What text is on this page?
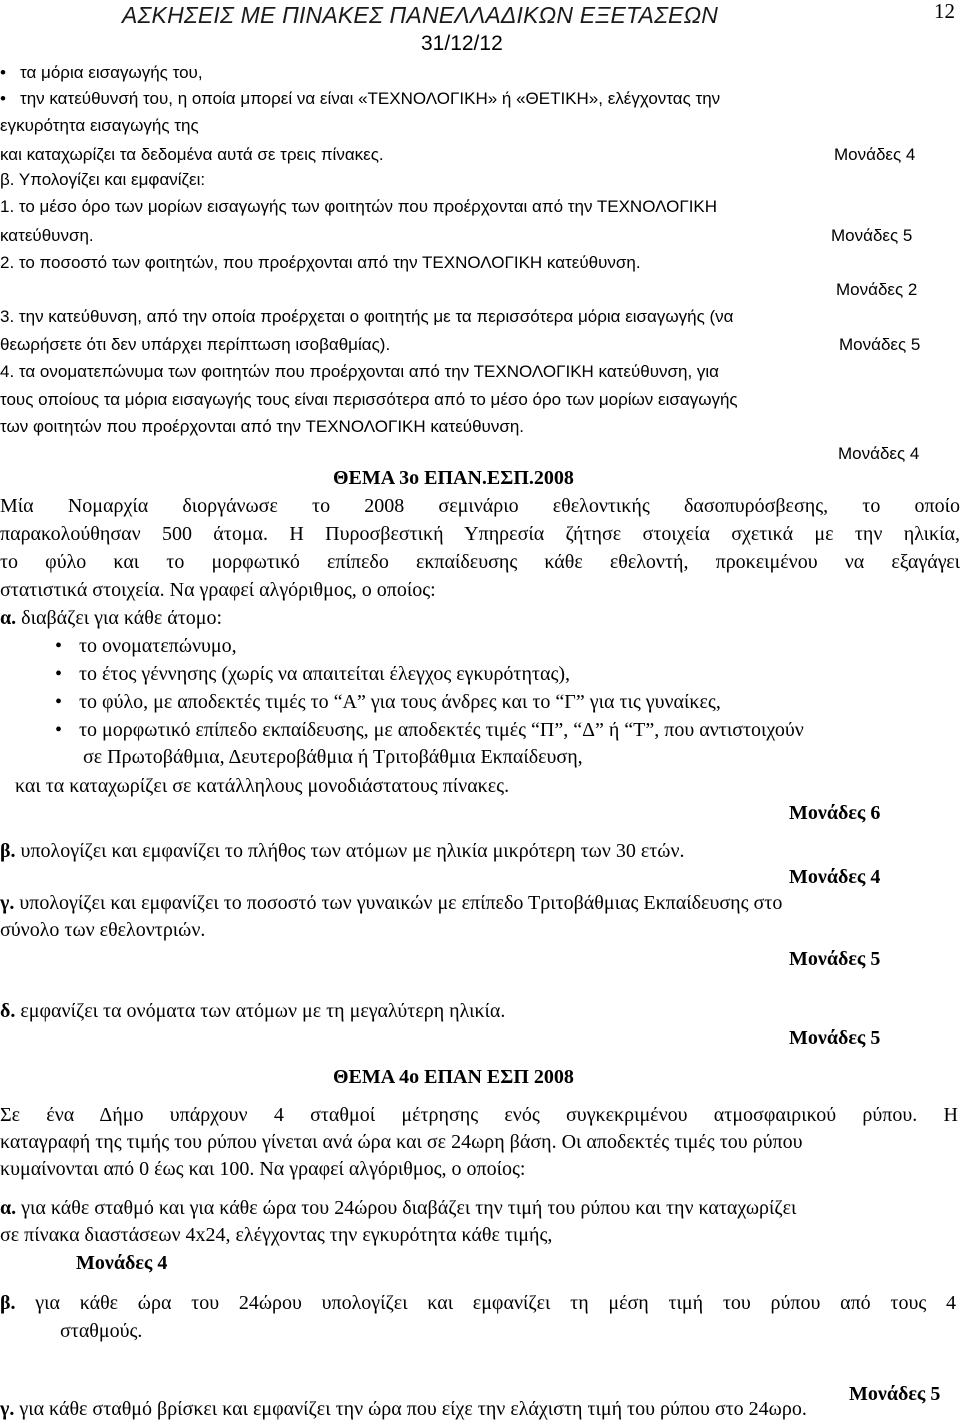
ΑΣΚΗΣΕΙΣ ΜΕ ΠΙΝΑΚΕΣ ΠΑΝΕΛΛΑΔΙΚΩΝ ΕΞΕΤΑΣΕΩΝ	12
31/12/12
• τα μόρια εισαγωγής του,
• την κατεύθυνσή του, η οποία μπορεί να είναι «ΤΕΧΝΟΛΟΓΙΚΗ» ή «ΘΕΤΙΚΗ», ελέγχοντας την
εγκυρότητα εισαγωγής της
και καταχωρίζει τα δεδομένα αυτά σε τρεις πίνακες.	Μονάδες 4
β. Υπολογίζει και εμφανίζει:
1. το μέσο όρο των μορίων εισαγωγής των φοιτητών που προέρχονται από την ΤΕΧΝΟΛΟΓΙΚΗ
κατεύθυνση.	Μονάδες 5
2. το ποσοστό των φοιτητών, που προέρχονται από την ΤΕΧΝΟΛΟΓΙΚΗ κατεύθυνση.
Μονάδες 2
3. την κατεύθυνση, από την οποία προέρχεται ο φοιτητής με τα περισσότερα μόρια εισαγωγής (να
θεωρήσετε ότι δεν υπάρχει περίπτωση ισοβαθμίας).	Μονάδες 5
4. τα ονοματεπώνυμα των φοιτητών που προέρχονται από την ΤΕΧΝΟΛΟΓΙΚΗ κατεύθυνση, για
τους οποίους τα μόρια εισαγωγής τους είναι περισσότερα από το μέσο όρο των μορίων εισαγωγής
των φοιτητών που προέρχονται από την ΤΕΧΝΟΛΟΓΙΚΗ κατεύθυνση.
Μονάδες 4
ΘΕΜΑ 3ο ΕΠΑΝ.ΕΣΠ.2008
Μία Νομαρχία διοργάνωσε το 2008 σεμινάριο εθελοντικής δασοπυρόσβεσης, το οποίο
παρακολούθησαν 500 άτομα. Η Πυροσβεστική Υπηρεσία ζήτησε στοιχεία σχετικά με την ηλικία,
το φύλο και το μορφωτικό επίπεδο εκπαίδευσης κάθε εθελοντή, προκειμένου να εξαγάγει
στατιστικά στοιχεία. Να γραφεί αλγόριθμος, ο οποίος:
α. διαβάζει για κάθε άτομο:
• το ονοματεπώνυμο,
• το έτος γέννησης (χωρίς να απαιτείται έλεγχος εγκυρότητας),
• το φύλο, με αποδεκτές τιμές το “Α” για τους άνδρες και το “Γ” για τις γυναίκες,
• το μορφωτικό επίπεδο εκπαίδευσης, με αποδεκτές τιμές “Π”, “Δ” ή “Τ”, που αντιστοιχούν
σε Πρωτοβάθμια, Δευτεροβάθμια ή Τριτοβάθμια Εκπαίδευση,
και τα καταχωρίζει σε κατάλληλους μονοδιάστατους πίνακες.
Μονάδες 6
β. υπολογίζει και εμφανίζει το πλήθος των ατόμων με ηλικία μικρότερη των 30 ετών.
Μονάδες 4
γ. υπολογίζει και εμφανίζει το ποσοστό των γυναικών με επίπεδο Τριτοβάθμιας Εκπαίδευσης στο
σύνολο των εθελοντριών.
Μονάδες 5
δ. εμφανίζει τα ονόματα των ατόμων με τη μεγαλύτερη ηλικία.
Μονάδες 5
ΘΕΜΑ 4ο ΕΠΑΝ ΕΣΠ 2008
Σε ένα Δήμο υπάρχουν 4 σταθμοί μέτρησης ενός συγκεκριμένου ατμοσφαιρικού ρύπου. Η
καταγραφή της τιμής του ρύπου γίνεται ανά ώρα και σε 24ωρη βάση. Οι αποδεκτές τιμές του ρύπου
κυμαίνονται από 0 έως και 100. Να γραφεί αλγόριθμος, ο οποίος:
α. για κάθε σταθμό και για κάθε ώρα του 24ώρου διαβάζει την τιμή του ρύπου και την καταχωρίζει
σε πίνακα διαστάσεων 4x24, ελέγχοντας την εγκυρότητα κάθε τιμής,
Μονάδες 4
β. για κάθε ώρα του 24ώρου υπολογίζει και εμφανίζει τη μέση τιμή του ρύπου από τους 4
σταθμούς.
Μονάδες 5
γ. για κάθε σταθμό βρίσκει και εμφανίζει την ώρα που είχε την ελάχιστη τιμή του ρύπου στο 24ωρο.
